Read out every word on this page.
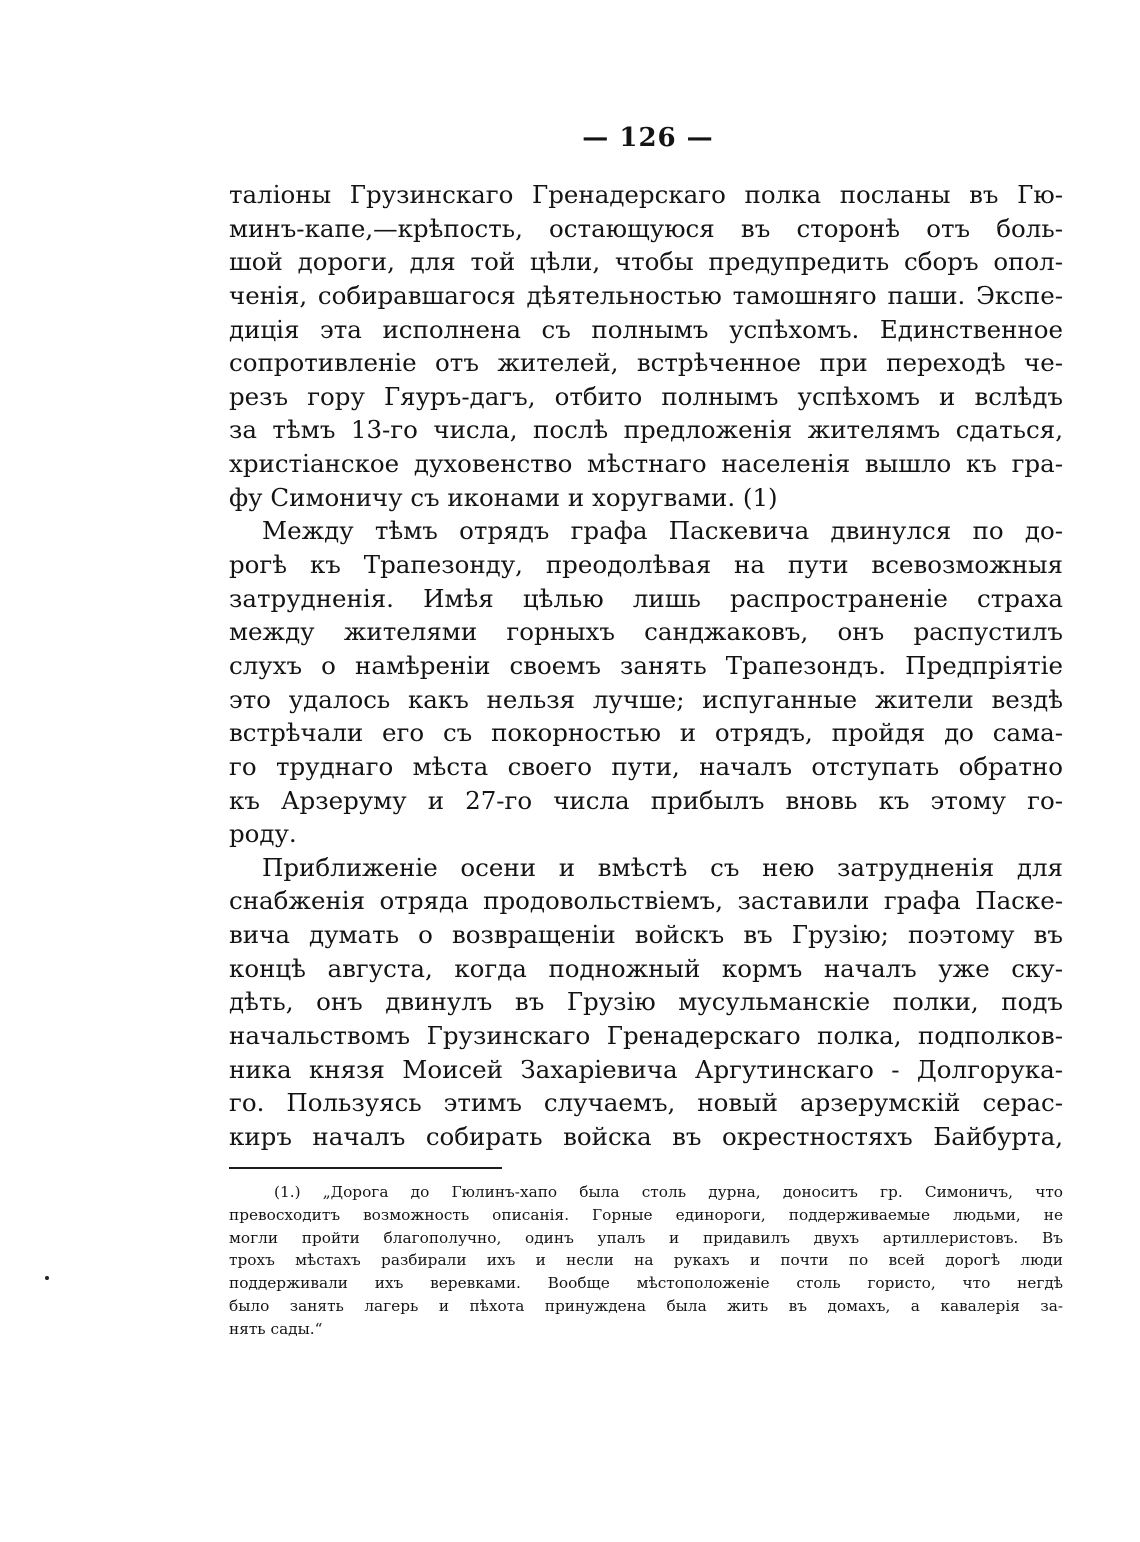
— 126 —
таліоны Грузинскаго Гренадерскаго полка посланы въ Гю-
минъ-капе,—крѣпость, остающуюся въ сторонѣ отъ боль-
шой дороги, для той цѣли, чтобы предупредить сборъ опол-
ченія, собиравшагося дѣятельностью тамошняго паши. Экспе-
диція эта исполнена съ полнымъ успѣхомъ. Единственное
сопротивленіе отъ жителей, встрѣченное при переходѣ че-
резъ гору Гяуръ-дагъ, отбито полнымъ успѣхомъ и вслѣдъ
за тѣмъ 13-го числа, послѣ предложенія жителямъ сдаться,
христіанское духовенство мѣстнаго населенія вышло къ гра-
фу Симоничу съ иконами и хоругвами. (1)
Между тѣмъ отрядъ графа Паскевича двинулся по до-
рогѣ къ Трапезонду, преодолѣвая на пути всевозможныя
затрудненія. Имѣя цѣлью лишь распространеніе страха
между жителями горныхъ санджаковъ, онъ распустилъ
слухъ о намѣреніи своемъ занять Трапезондъ. Предпріятіе
это удалось какъ нельзя лучше; испуганные жители вездѣ
встрѣчали его съ покорностью и отрядъ, пройдя до сама-
го труднаго мѣста своего пути, началъ отступать обратно
къ Арзеруму и 27-го числа прибылъ вновь къ этому го-
роду.
Приближеніе осени и вмѣстѣ съ нею затрудненія для
снабженія отряда продовольствіемъ, заставили графа Паске-
вича думать о возвращеніи войскъ въ Грузію; поэтому въ
концѣ августа, когда подножный кормъ началъ уже ску-
дѣть, онъ двинулъ въ Грузію мусульманскіе полки, подъ
начальствомъ Грузинскаго Гренадерскаго полка, подполков-
ника князя Моисей Захаріевича Аргутинскаго - Долгорука-
го. Пользуясь этимъ случаемъ, новый арзерумскій сераc-
киръ началъ собирать войска въ окрестностяхъ Байбурта,
(1.) „Дорога до Гюлинъ-хапо была столь дурна, доноситъ гр. Симоничъ, что
превосходитъ возможность описанія. Горные единороги, поддерживаемые людьми, не
могли пройти благополучно, одинъ упалъ и придавилъ двухъ артиллеристовъ. Въ
трохъ мѣстахъ разбирали ихъ и несли на рукахъ и почти по всей дорогѣ люди
поддерживали ихъ веревками. Вообще мѣстоположеніе столь гористо, что негдѣ
было занять лагерь и пѣхота принуждена была жить въ домахъ, а кавалерія за-
нять сады.“
